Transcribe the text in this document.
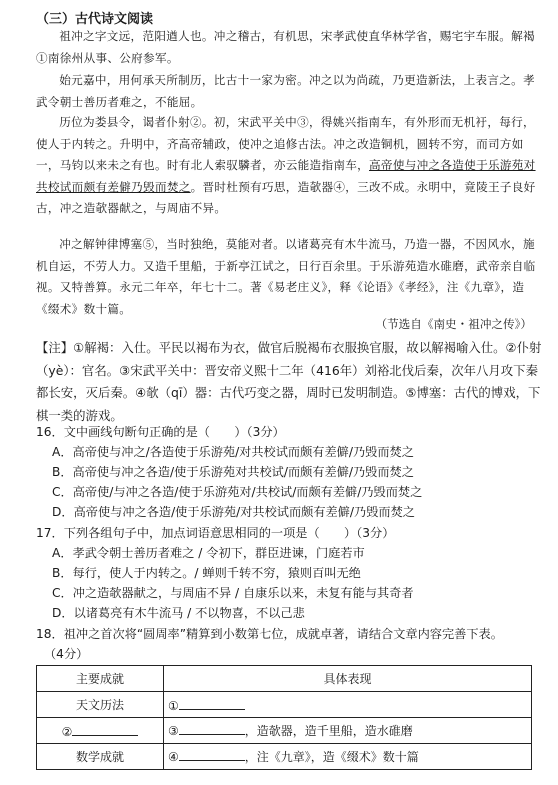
（三）古代诗文阅读

祖冲之字文远，范阳遒人也。冲之稽古，有机思，宋孝武使直华林学省，赐宅宇车服。解褐①南徐州从事、公府参军。

始元嘉中，用何承天所制历，比古十一家为密。冲之以为尚疏，乃更造新法，上表言之。孝武令朝士善历者难之，不能屈。

历位为娄县令，谒者仆射②。初，宋武平关中③，得姚兴指南车，有外形而无机衧，每行，使人于内转之。升明中，齐高帝辅政，使冲之追修古法。冲之改造铜机，圆转不穷，而司方如一，马钧以来未之有也。时有北人索驭驎者，亦云能造指南车，高帝使与冲之各造使于乐游苑对共校试而颇有差僻乃毁而焚之。晋时杜预有巧思，造欹器④，三改不成。永明中，竟陵王子良好古，冲之造欹器献之，与周庙不异。

冲之解钟律博塞⑤，当时独绝，莫能对者。以诸葛亮有木牛流马，乃造一器，不因风水，施机自运，不劳人力。又造千里船，于新亭江试之，日行百余里。于乐游苑造水碓磨，武帝亲自临视。又特善算。永元二年卒，年七十二。著《易老庄义》，释《论语》《孝经》，注《九章》，造《缀术》数十篇。

（节选自《南史・祖冲之传》）

【注】①解褐：入仕。平民以褐布为衣，做官后脱褐布衣服换官服，故以解褐喻入仕。②仆射（yè）：官名。③宋武平关中：晋安帝义熙十二年（416年）刘裕北伐后秦，次年八月攻下秦都长安，灭后秦。④欹（qī）器：古代巧变之器，周时已发明制造。⑤博塞：古代的博戏，下棋一类的游戏。

16．文中画线句断句正确的是（　　）（3分）
A．高帝使与冲之/各造使于乐游苑/对共校试而颇有差僻/乃毁而焚之
B．高帝使与冲之各造/使于乐游苑对共校试/而颇有差僻/乃毁而焚之
C．高帝使/与冲之各造/使于乐游苑对/共校试/而颇有差僻/乃毁而焚之
D．高帝使与冲之各造/使于乐游苑/对共校试而颇有差僻/乃毁而焚之
17．下列各组句子中，加点词语意思相同的一项是（　　）（3分）
A．孝武令朝士善历者难之 / 令初下，群臣进谏，门庭若市
B．每行，使人于内转之。/ 蝉则千转不穷，猿则百叫无绝
C．冲之造欹器献之，与周庙不异 / 自康乐以来，未复有能与其奇者
D．以诸葛亮有木牛流马 / 不以物喜，不以己悲
18．祖冲之首次将“圆周率”精算到小数第七位，成就卓著，请结合文章内容完善下表。
（4分）
主要成就	具体表现
天文历法	①
②	③ ，造欹器，造千里船，造水碓磨
数学成就	④ ，注《九章》，造《缀术》数十篇
